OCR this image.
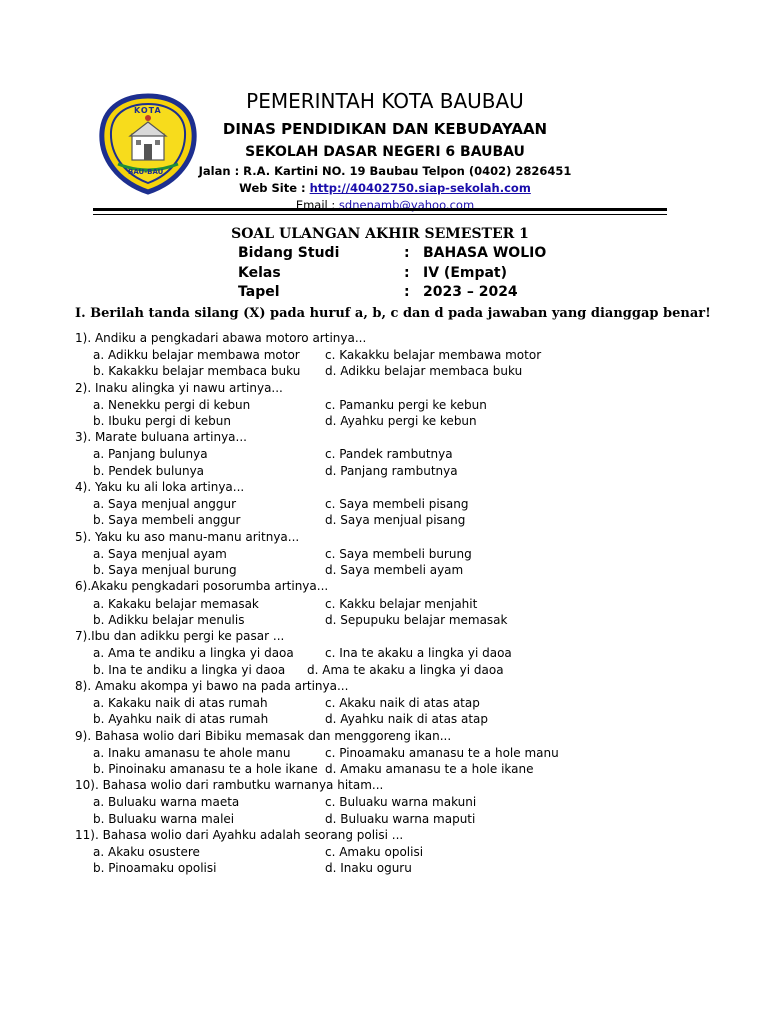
KOTA
BAU-BAU
PEMERINTAH KOTA BAUBAU
DINAS PENDIDIKAN DAN KEBUDAYAAN
SEKOLAH DASAR NEGERI 6 BAUBAU
Jalan : R.A. Kartini NO. 19 Baubau Telpon (0402) 2826451
Web Site : http://40402750.siap-sekolah.com
Email : sdnenamb@yahoo.com
SOAL ULANGAN AKHIR SEMESTER 1
Bidang Studi	: BAHASA WOLIO
Kelas	: IV (Empat)
Tapel	: 2023 – 2024
I. Berilah tanda silang (X) pada huruf a, b, c dan d pada jawaban yang dianggap benar!
1). Andiku a pengkadari abawa motoro artinya...
a. Adikku belajar membawa motor c. Kakakku belajar membawa motor
b. Kakakku belajar membaca buku d. Adikku belajar membaca buku
2). Inaku alingka yi nawu artinya...
a. Nenekku pergi di kebun	c. Pamanku pergi ke kebun
b. Ibuku pergi di kebun	d. Ayahku pergi ke kebun
3). Marate buluana artinya...
a. Panjang bulunya	c. Pandek rambutnya
b. Pendek bulunya	d. Panjang rambutnya
4). Yaku ku ali loka artinya...
a. Saya menjual anggur	c. Saya membeli pisang
b. Saya membeli anggur	d. Saya menjual pisang
5). Yaku ku aso manu-manu aritnya...
a. Saya menjual ayam	c. Saya membeli burung
b. Saya menjual burung	d. Saya membeli ayam
6).Akaku pengkadari posorumba artinya...
a. Kakaku belajar memasak	c. Kakku belajar menjahit
b. Adikku belajar menulis	d. Sepupuku belajar memasak
7).Ibu dan adikku pergi ke pasar ...
a. Ama te andiku a lingka yi daoa	c. Ina te akaku a lingka yi daoa
b. Ina te andiku a lingka yi daoa d. Ama te akaku a lingka yi daoa
8). Amaku akompa yi bawo na pada artinya...
a. Kakaku naik di atas rumah	c. Akaku naik di atas atap
b. Ayahku naik di atas rumah	d. Ayahku naik di atas atap
9). Bahasa wolio dari Bibiku memasak dan menggoreng ikan...
a. Inaku amanasu te ahole manu	c. Pinoamaku amanasu te a hole manu
b. Pinoinaku amanasu te a hole ikane d. Amaku amanasu te a hole ikane
10). Bahasa wolio dari rambutku warnanya hitam...
a. Buluaku warna maeta	c. Buluaku warna makuni
b. Buluaku warna malei	d. Buluaku warna maputi
11). Bahasa wolio dari Ayahku adalah seorang polisi ...
a. Akaku osustere	c. Amaku opolisi
b. Pinoamaku opolisi	d. Inaku oguru
